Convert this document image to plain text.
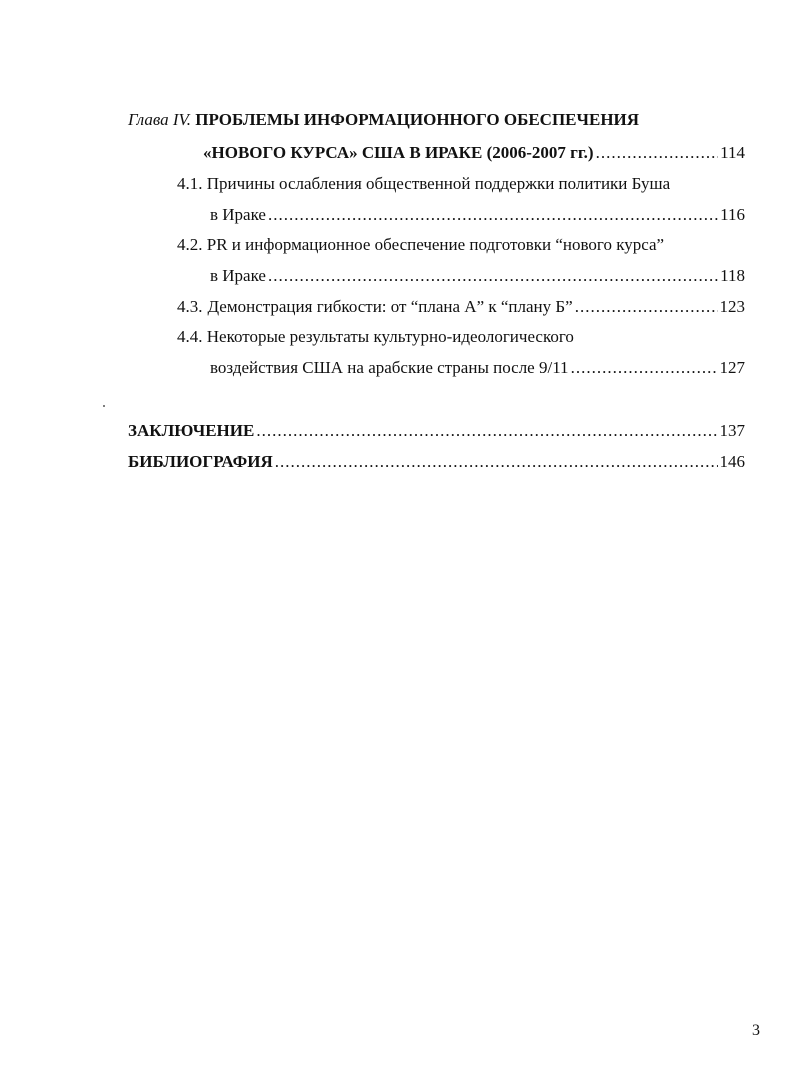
Глава IV. ПРОБЛЕМЫ ИНФОРМАЦИОННОГО ОБЕСПЕЧЕНИЯ
«НОВОГО КУРСА» США В ИРАКЕ (2006-2007 гг.) .....	114
4.1. Причины ослабления общественной поддержки политики Буша
в Ираке .....	116
4.2. PR и информационное обеспечение подготовки “нового курса”
в Ираке .....	118
4.3. Демонстрация гибкости: от “плана А” к “плану Б” .....	123
4.4. Некоторые результаты культурно-идеологического
воздействия США на арабские страны после 9/11 .....	127
ЗАКЛЮЧЕНИЕ .....	137
БИБЛИОГРАФИЯ .....	146
3
